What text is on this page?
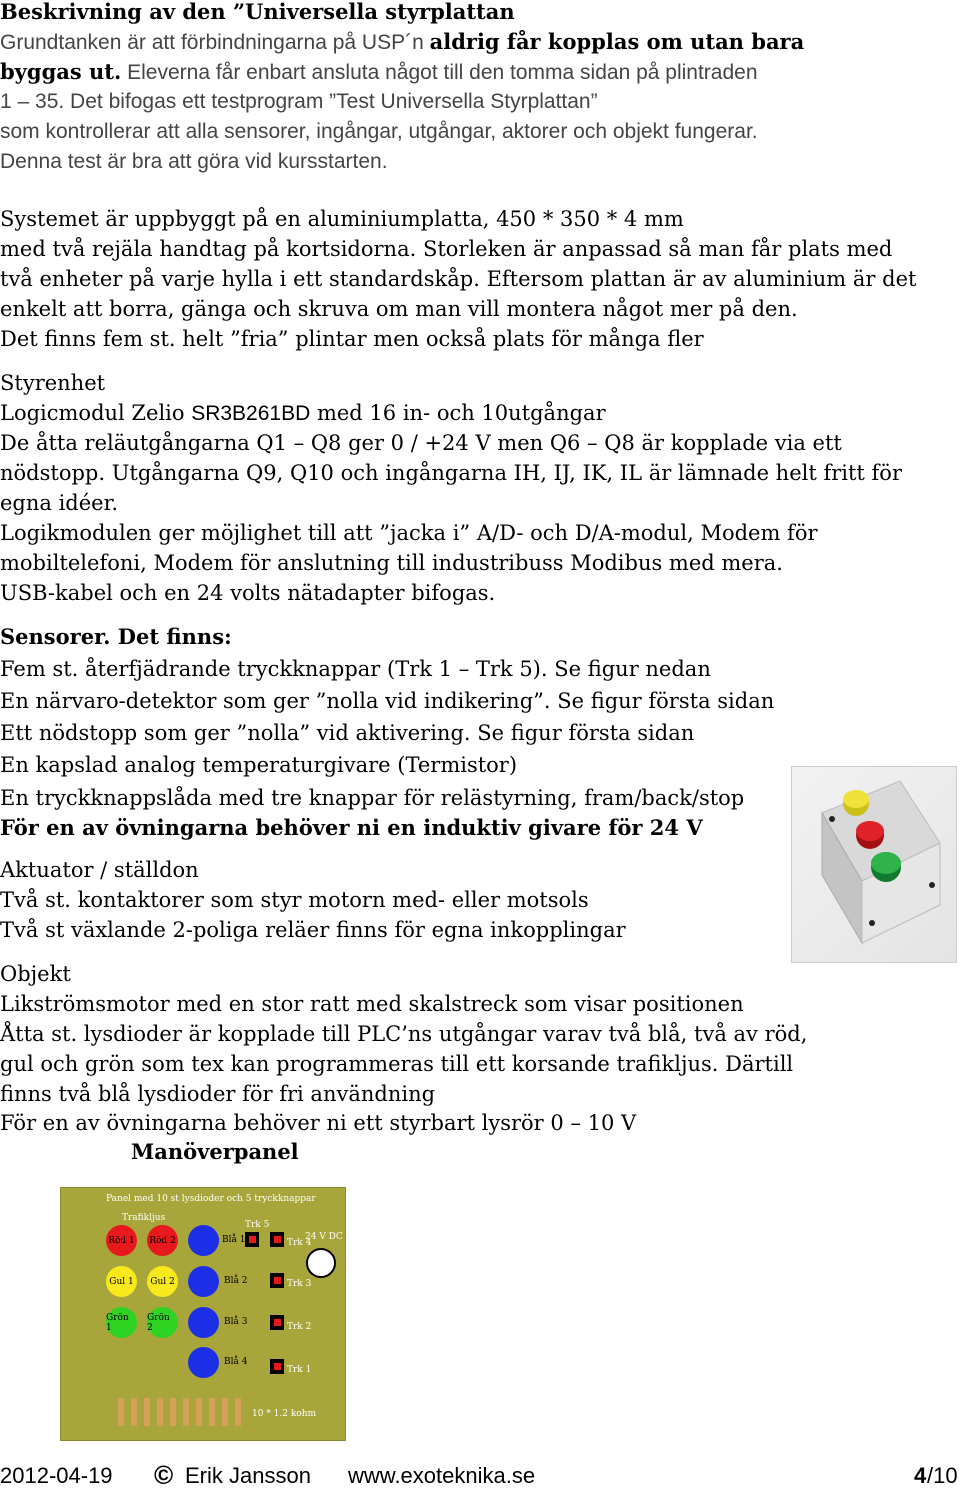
Beskrivning av den ”Universella styrplattan
Grundtanken är att förbindningarna på USP´n aldrig får kopplas om utan bara
byggas ut. Eleverna får enbart ansluta något till den tomma sidan på plintraden
1 – 35. Det bifogas ett testprogram ”Test Universella Styrplattan”
som kontrollerar att alla sensorer, ingångar, utgångar, aktorer och objekt fungerar.
Denna test är bra att göra vid kursstarten.
Systemet är uppbyggt på en aluminiumplatta, 450 * 350 * 4 mm
med två rejäla handtag på kortsidorna. Storleken är anpassad så man får plats med
två enheter på varje hylla i ett standardskåp. Eftersom plattan är av aluminium är det
enkelt att borra, gänga och skruva om man vill montera något mer på den.
Det finns fem st. helt ”fria” plintar men också plats för många fler
Styrenhet
Logicmodul Zelio SR3B261BD med 16 in- och 10utgångar
De åtta reläutgångarna Q1 – Q8 ger 0 / +24 V men Q6 – Q8 är kopplade via ett
nödstopp. Utgångarna Q9, Q10 och ingångarna IH, IJ, IK, IL är lämnade helt fritt för
egna idéer.
Logikmodulen ger möjlighet till att ”jacka i” A/D- och D/A-modul, Modem för
mobiltelefoni, Modem för anslutning till industribuss Modibus med mera.
USB-kabel och en 24 volts nätadapter bifogas.
Sensorer. Det finns:
Fem st. återfjädrande tryckknappar (Trk 1 – Trk 5). Se figur nedan
En närvaro-detektor som ger ”nolla vid indikering”. Se figur första sidan
Ett nödstopp som ger ”nolla” vid aktivering. Se figur första sidan
En kapslad analog temperaturgivare (Termistor)
En tryckknappslåda med tre knappar för relästyrning, fram/back/stop
För en av övningarna behöver ni en induktiv givare för 24 V
Aktuator / ställdon
Två st. kontaktorer som styr motorn med- eller motsols
Två st växlande 2-poliga reläer finns för egna inkopplingar
Objekt
Likströmsmotor med en stor ratt med skalstreck som visar positionen
Åtta st. lysdioder är kopplade till PLC’ns utgångar varav två blå, två av röd,
gul och grön som tex kan programmeras till ett korsande trafikljus. Därtill
finns två blå lysdioder för fri användning
För en av övningarna behöver ni ett styrbart lysrör 0 – 10 V
Manöverpanel
Panel med 10 st lysdioder och 5 tryckknappar
Trafikljus
Röd 1 Röd 2
Gul 1	Gul 2
Grön 1
Grön 2
Blå 1
Blå 2
Blå 3
Blå 4
Trk 5
Trk 4
24 V DC
Trk 3
Trk 2
Trk 1
10 * 1.2 kohm
2012-04-19 © Erik Jansson www.exoteknika.se	4 /10
